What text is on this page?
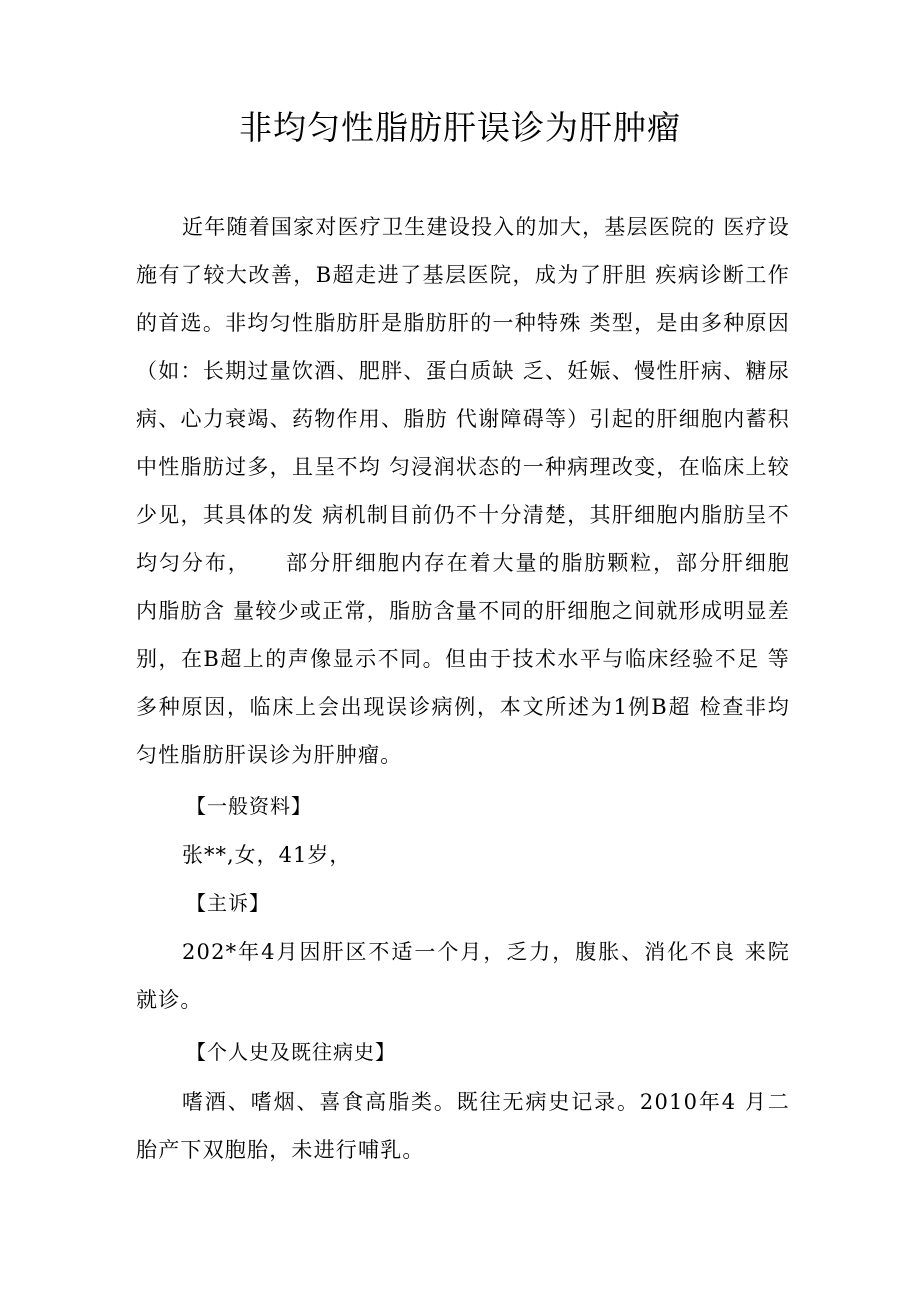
非均匀性脂肪肝误诊为肝肿瘤

近年随着国家对医疗卫生建设投入的加大，基层医院的 医疗设施有了较大改善，B超走进了基层医院，成为了肝胆 疾病诊断工作的首选。非均匀性脂肪肝是脂肪肝的一种特殊 类型，是由多种原因（如：长期过量饮酒、肥胖、蛋白质缺 乏、妊娠、慢性肝病、糖尿病、心力衰竭、药物作用、脂肪 代谢障碍等）引起的肝细胞内蓄积中性脂肪过多，且呈不均 匀浸润状态的一种病理改变，在临床上较少见，其具体的发 病机制目前仍不十分清楚，其肝细胞内脂肪呈不均匀分布，　　部分肝细胞内存在着大量的脂肪颗粒，部分肝细胞内脂肪含 量较少或正常，脂肪含量不同的肝细胞之间就形成明显差别，在B超上的声像显示不同。但由于技术水平与临床经验不足 等多种原因，临床上会出现误诊病例，本文所述为1例B超 检查非均匀性脂肪肝误诊为肝肿瘤。

【一般资料】

张**,女，41岁，

【主诉】

202*年4月因肝区不适一个月，乏力，腹胀、消化不良 来院就诊。

【个人史及既往病史】

嗜酒、嗜烟、喜食高脂类。既往无病史记录。2010年4 月二胎产下双胞胎，未进行哺乳。
